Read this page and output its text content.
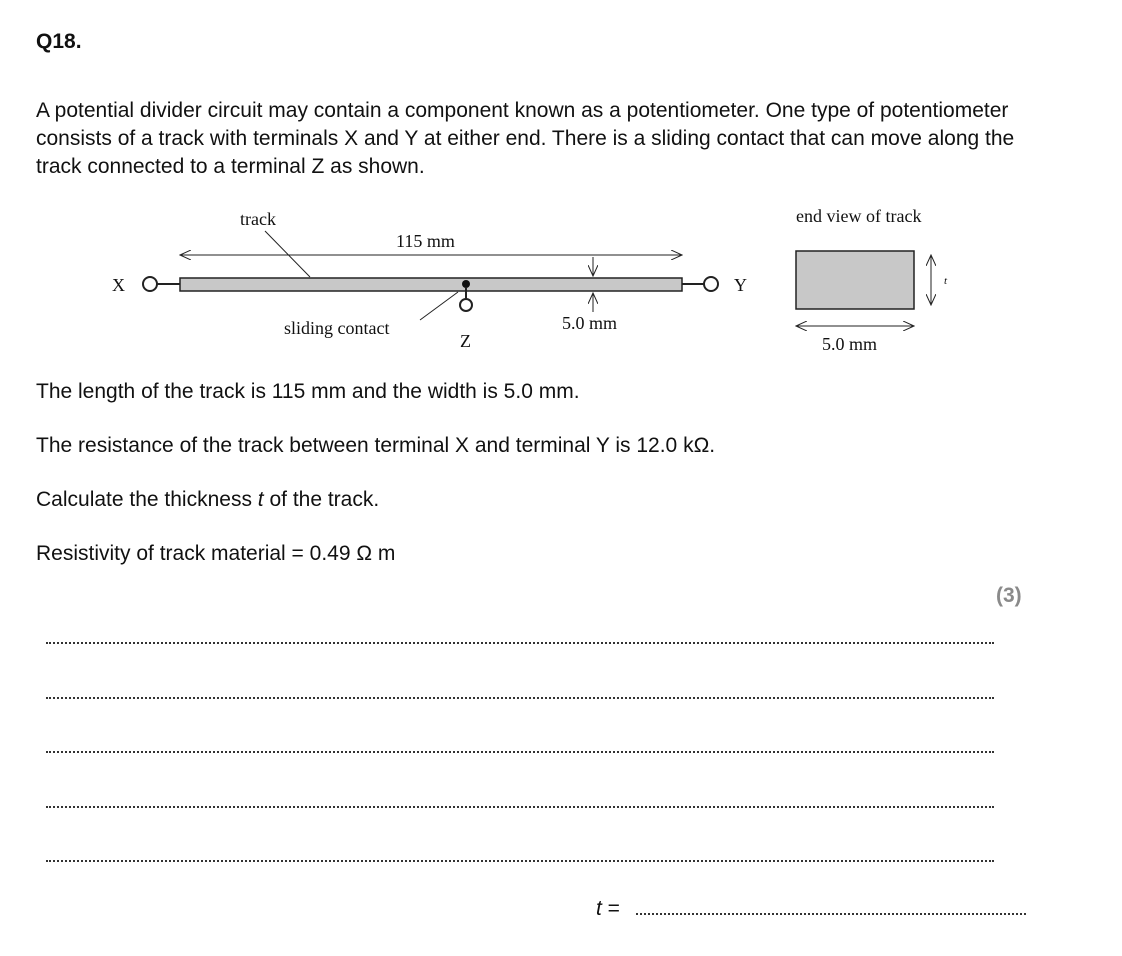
Q18.
A potential divider circuit may contain a component known as a potentiometer. One type of potentiometer consists of a track with terminals X and Y at either end. There is a sliding contact that can move along the track connected to a terminal Z as shown.
X	Y
track
115 mm
Z
sliding contact	5.0 mm
end view of track
t
5.0 mm
The length of the track is 115 mm and the width is 5.0 mm.
The resistance of the track between terminal X and terminal Y is 12.0 kΩ.
Calculate the thickness t of the track.
Resistivity of track material = 0.49 Ω m
(3)
t =
